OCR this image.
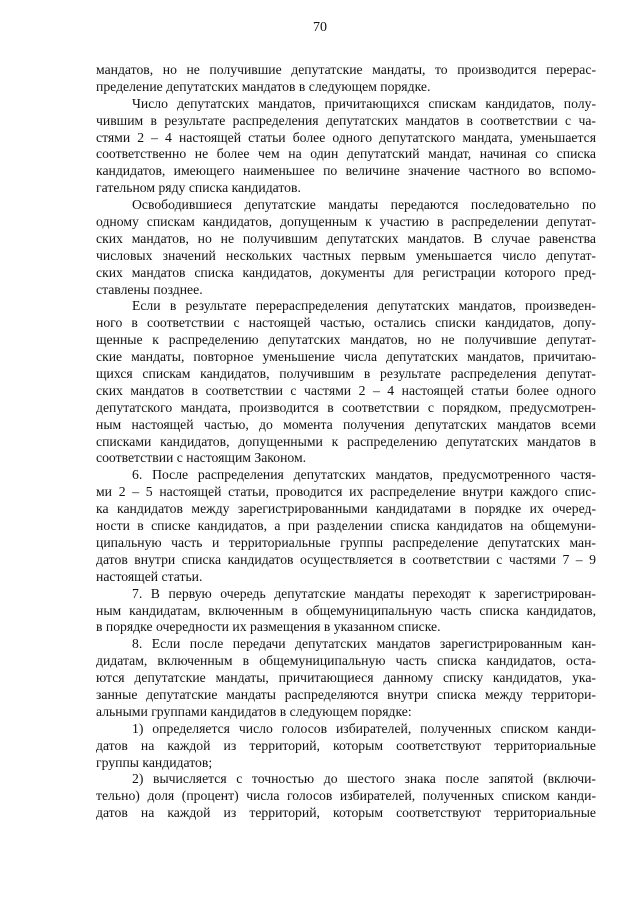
70
мандатов, но не получившие депутатские мандаты, то производится перерас-
пределение депутатских мандатов в следующем порядке.
Число депутатских мандатов, причитающихся спискам кандидатов, полу-
чившим в результате распределения депутатских мандатов в соответствии с ча-
стями 2 – 4 настоящей статьи более одного депутатского мандата, уменьшается
соответственно не более чем на один депутатский мандат, начиная со списка
кандидатов, имеющего наименьшее по величине значение частного во вспомо-
гательном ряду списка кандидатов.
Освободившиеся депутатские мандаты передаются последовательно по
одному спискам кандидатов, допущенным к участию в распределении депутат-
ских мандатов, но не получившим депутатских мандатов. В случае равенства
числовых значений нескольких частных первым уменьшается число депутат-
ских мандатов списка кандидатов, документы для регистрации которого пред-
ставлены позднее.
Если в результате перераспределения депутатских мандатов, произведен-
ного в соответствии с настоящей частью, остались списки кандидатов, допу-
щенные к распределению депутатских мандатов, но не получившие депутат-
ские мандаты, повторное уменьшение числа депутатских мандатов, причитаю-
щихся спискам кандидатов, получившим в результате распределения депутат-
ских мандатов в соответствии с частями 2 – 4 настоящей статьи более одного
депутатского мандата, производится в соответствии с порядком, предусмотрен-
ным настоящей частью, до момента получения депутатских мандатов всеми
списками кандидатов, допущенными к распределению депутатских мандатов в
соответствии с настоящим Законом.
6. После распределения депутатских мандатов, предусмотренного частя-
ми 2 – 5 настоящей статьи, проводится их распределение внутри каждого спис-
ка кандидатов между зарегистрированными кандидатами в порядке их очеред-
ности в списке кандидатов, а при разделении списка кандидатов на общемуни-
ципальную часть и территориальные группы распределение депутатских ман-
датов внутри списка кандидатов осуществляется в соответствии с частями 7 – 9
настоящей статьи.
7. В первую очередь депутатские мандаты переходят к зарегистрирован-
ным кандидатам, включенным в общемуниципальную часть списка кандидатов,
в порядке очередности их размещения в указанном списке.
8. Если после передачи депутатских мандатов зарегистрированным кан-
дидатам, включенным в общемуниципальную часть списка кандидатов, оста-
ются депутатские мандаты, причитающиеся данному списку кандидатов, ука-
занные депутатские мандаты распределяются внутри списка между территори-
альными группами кандидатов в следующем порядке:
1) определяется число голосов избирателей, полученных списком канди-
датов на каждой из территорий, которым соответствуют территориальные
группы кандидатов;
2) вычисляется с точностью до шестого знака после запятой (включи-
тельно) доля (процент) числа голосов избирателей, полученных списком канди-
датов на каждой из территорий, которым соответствуют территориальные
